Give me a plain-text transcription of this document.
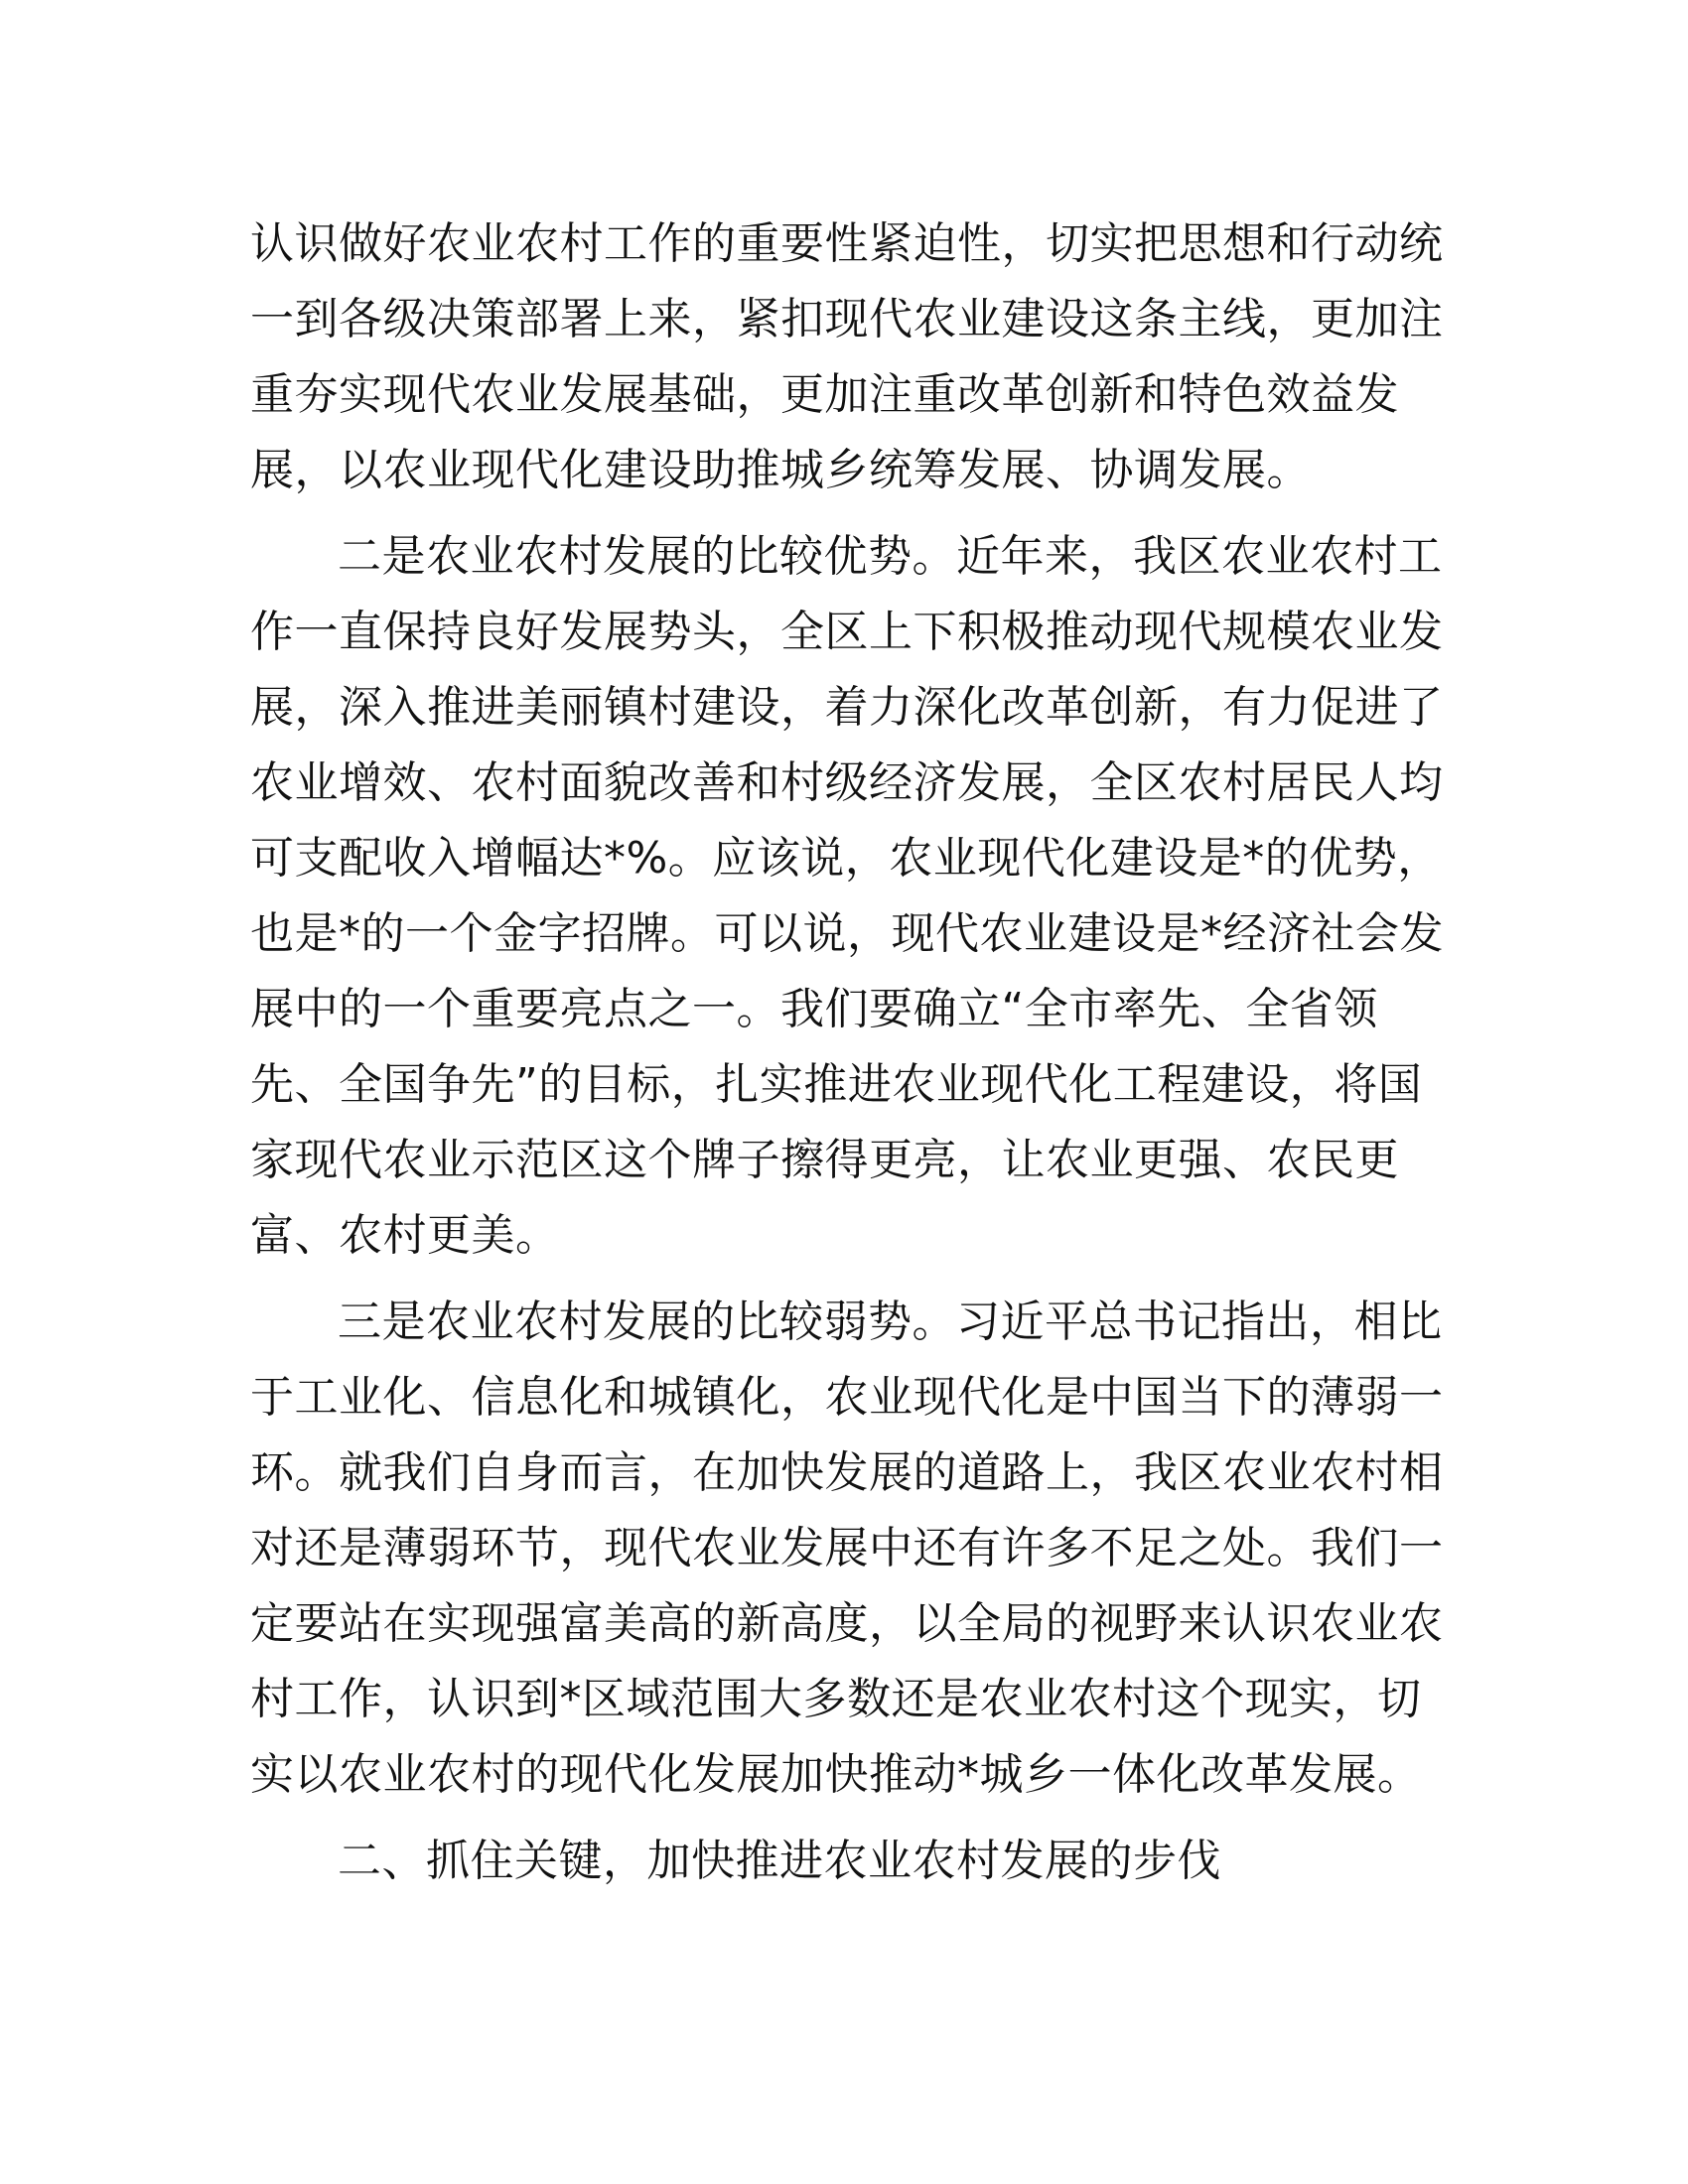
认识做好农业农村工作的重要性紧迫性，切实把思想和行动统

一到各级决策部署上来，紧扣现代农业建设这条主线，更加注

重夯实现代农业发展基础，更加注重改革创新和特色效益发

展，以农业现代化建设助推城乡统筹发展、协调发展。

二是农业农村发展的比较优势。近年来，我区农业农村工

作一直保持良好发展势头，全区上下积极推动现代规模农业发

展，深入推进美丽镇村建设，着力深化改革创新，有力促进了

农业增效、农村面貌改善和村级经济发展，全区农村居民人均

可支配收入增幅达*%。应该说，农业现代化建设是*的优势，

也是*的一个金字招牌。可以说，现代农业建设是*经济社会发

展中的一个重要亮点之一。我们要确立“全市率先、全省领

先、全国争先”的目标，扎实推进农业现代化工程建设，将国

家现代农业示范区这个牌子擦得更亮，让农业更强、农民更

富、农村更美。

三是农业农村发展的比较弱势。习近平总书记指出，相比

于工业化、信息化和城镇化，农业现代化是中国当下的薄弱一

环。就我们自身而言，在加快发展的道路上，我区农业农村相

对还是薄弱环节，现代农业发展中还有许多不足之处。我们一

定要站在实现强富美高的新高度，以全局的视野来认识农业农

村工作，认识到*区域范围大多数还是农业农村这个现实，切

实以农业农村的现代化发展加快推动*城乡一体化改革发展。

二、抓住关键，加快推进农业农村发展的步伐
